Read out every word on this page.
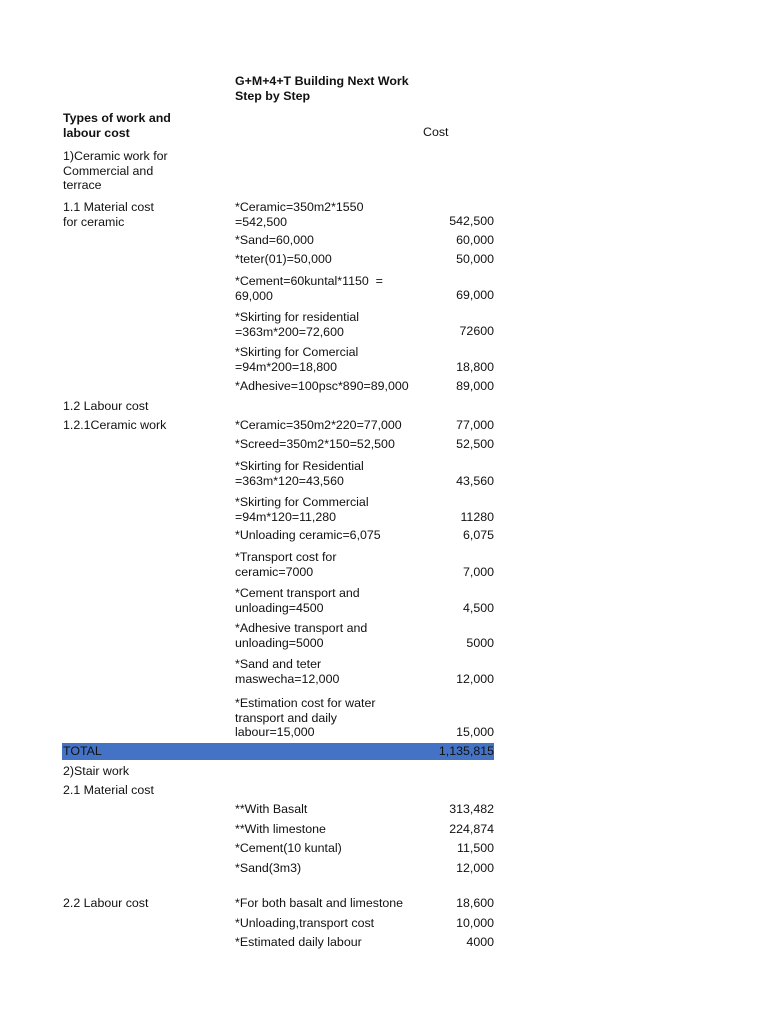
G+M+4+T Building Next Work
Step by Step
Types of work and
labour cost	Cost
1)Ceramic work for
Commercial and
terrace
1.1 Material cost
for ceramic
*Ceramic=350m2*1550
=542,500	542,500
*Sand=60,000	60,000
*teter(01)=50,000	50,000
*Cement=60kuntal*1150  =
69,000	69,000
*Skirting for residential
=363m*200=72,600	72600
*Skirting for Comercial
=94m*200=18,800	18,800
*Adhesive=100psc*890=89,000	89,000
1.2 Labour cost
1.2.1Ceramic work	*Ceramic=350m2*220=77,000	77,000
*Screed=350m2*150=52,500	52,500
*Skirting for Residential
=363m*120=43,560	43,560
*Skirting for Commercial
=94m*120=11,280	11280
*Unloading ceramic=6,075	6,075
*Transport cost for
ceramic=7000	7,000
*Cement transport and
unloading=4500	4,500
*Adhesive transport and
unloading=5000	5000
*Sand and teter
maswecha=12,000	12,000
*Estimation cost for water
transport and daily
labour=15,000	15,000
TOTAL	1,135,815
2)Stair work
2.1 Material cost
**With Basalt	313,482
**With limestone	224,874
*Cement(10 kuntal)	11,500
*Sand(3m3)	12,000
2.2 Labour cost	*For both basalt and limestone	18,600
*Unloading,transport cost	10,000
*Estimated daily labour	4000
